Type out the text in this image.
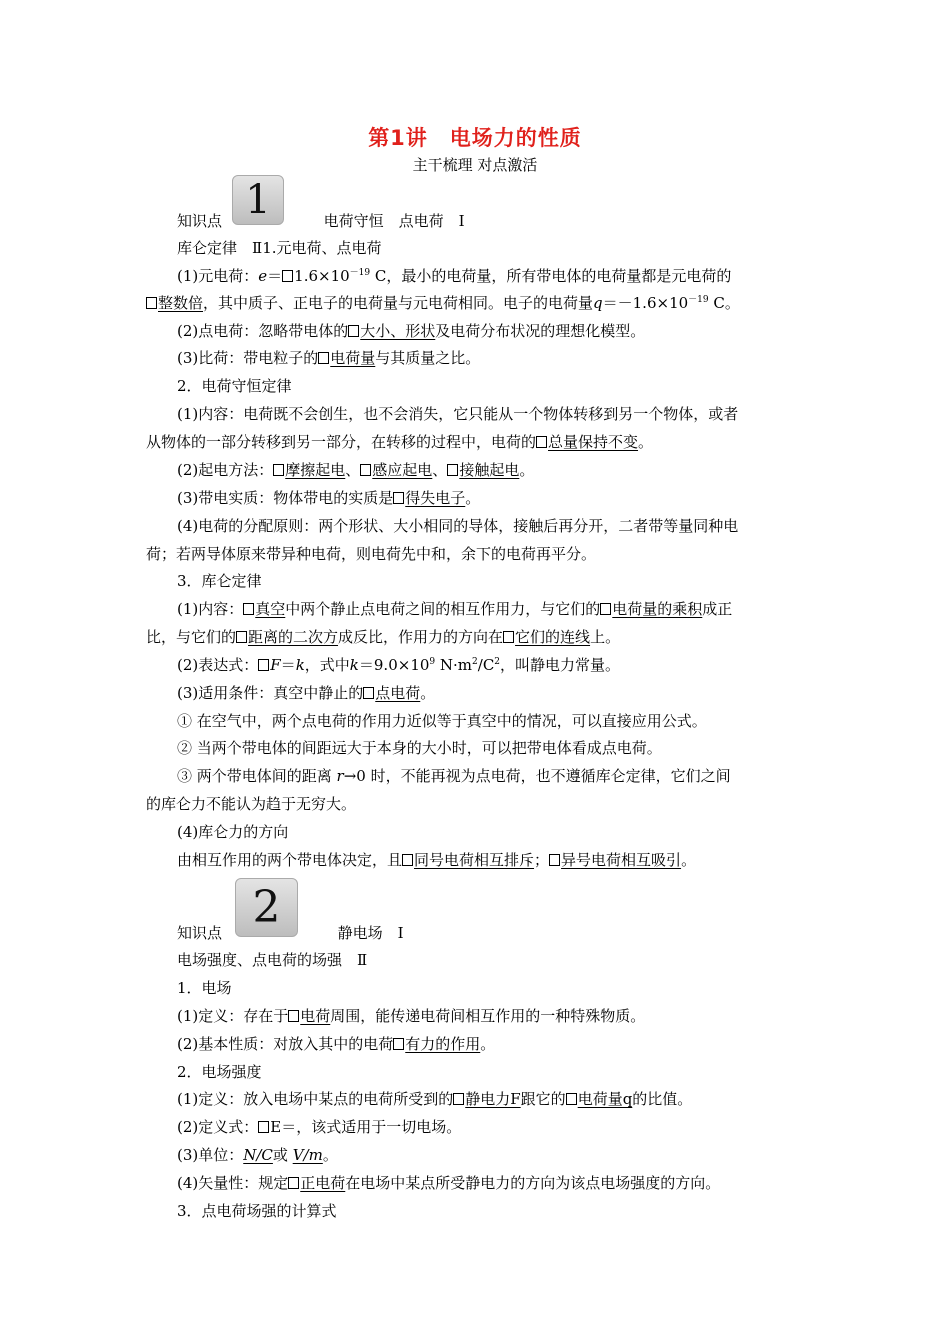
第1讲　电场力的性质
主干梳理 对点激活
1
知识点	电荷守恒　点电荷　Ⅰ
库仑定律　Ⅱ1.元电荷、点电荷
(1)元电荷：$e= 1.6\times 10^{-19}$ C，最小的电荷量，所有带电体的电荷量都是元电荷的
整数倍，其中质子、正电子的电荷量与元电荷相同。电子的电荷量$q=-1.6\times 10^{-19}$ C。
(2)点电荷：忽略带电体的 大小、形状及电荷分布状况的理想化模型。
(3)比荷：带电粒子的 电荷量与其质量之比。
2．电荷守恒定律
(1)内容：电荷既不会创生，也不会消失，它只能从一个物体转移到另一个物体，或者
从物体的一部分转移到另一部分，在转移的过程中，电荷的 总量保持不变。
(2)起电方法： 摩擦起电、 感应起电、 接触起电。
(3)带电实质：物体带电的实质是 得失电子。
(4)电荷的分配原则：两个形状、大小相同的导体，接触后再分开，二者带等量同种电
荷；若两导体原来带异种电荷，则电荷先中和，余下的电荷再平分。
3．库仑定律
(1)内容： 真空中两个静止点电荷之间的相互作用力，与它们的 电荷量的乘积成正
比，与它们的 距离的二次方成反比，作用力的方向在 它们的连线上。
(2)表达式： F＝k，式中$k=9.0\times 10^9$ $N\cdot m^2/C^2$，叫静电力常量。
(3)适用条件：真空中静止的 点电荷。
① 在空气中，两个点电荷的作用力近似等于真空中的情况，可以直接应用公式。
② 当两个带电体的间距远大于本身的大小时，可以把带电体看成点电荷。
③ 两个带电体间的距离 r→0 时，不能再视为点电荷，也不遵循库仑定律，它们之间
的库仑力不能认为趋于无穷大。
(4)库仑力的方向
由相互作用的两个带电体决定，且 同号电荷相互排斥； 异号电荷相互吸引。
2
知识点	静电场　Ⅰ
电场强度、点电荷的场强　Ⅱ
1．电场
(1)定义：存在于 电荷周围，能传递电荷间相互作用的一种特殊物质。
(2)基本性质：对放入其中的电荷 有力的作用。
2．电场强度
(1)定义：放入电场中某点的电荷所受到的 静电力F跟它的 电荷量q的比值。
(2)定义式： E＝，该式适用于一切电场。
(3)单位：N/C或 V/m。
(4)矢量性：规定 正电荷在电场中某点所受静电力的方向为该点电场强度的方向。
3．点电荷场强的计算式
